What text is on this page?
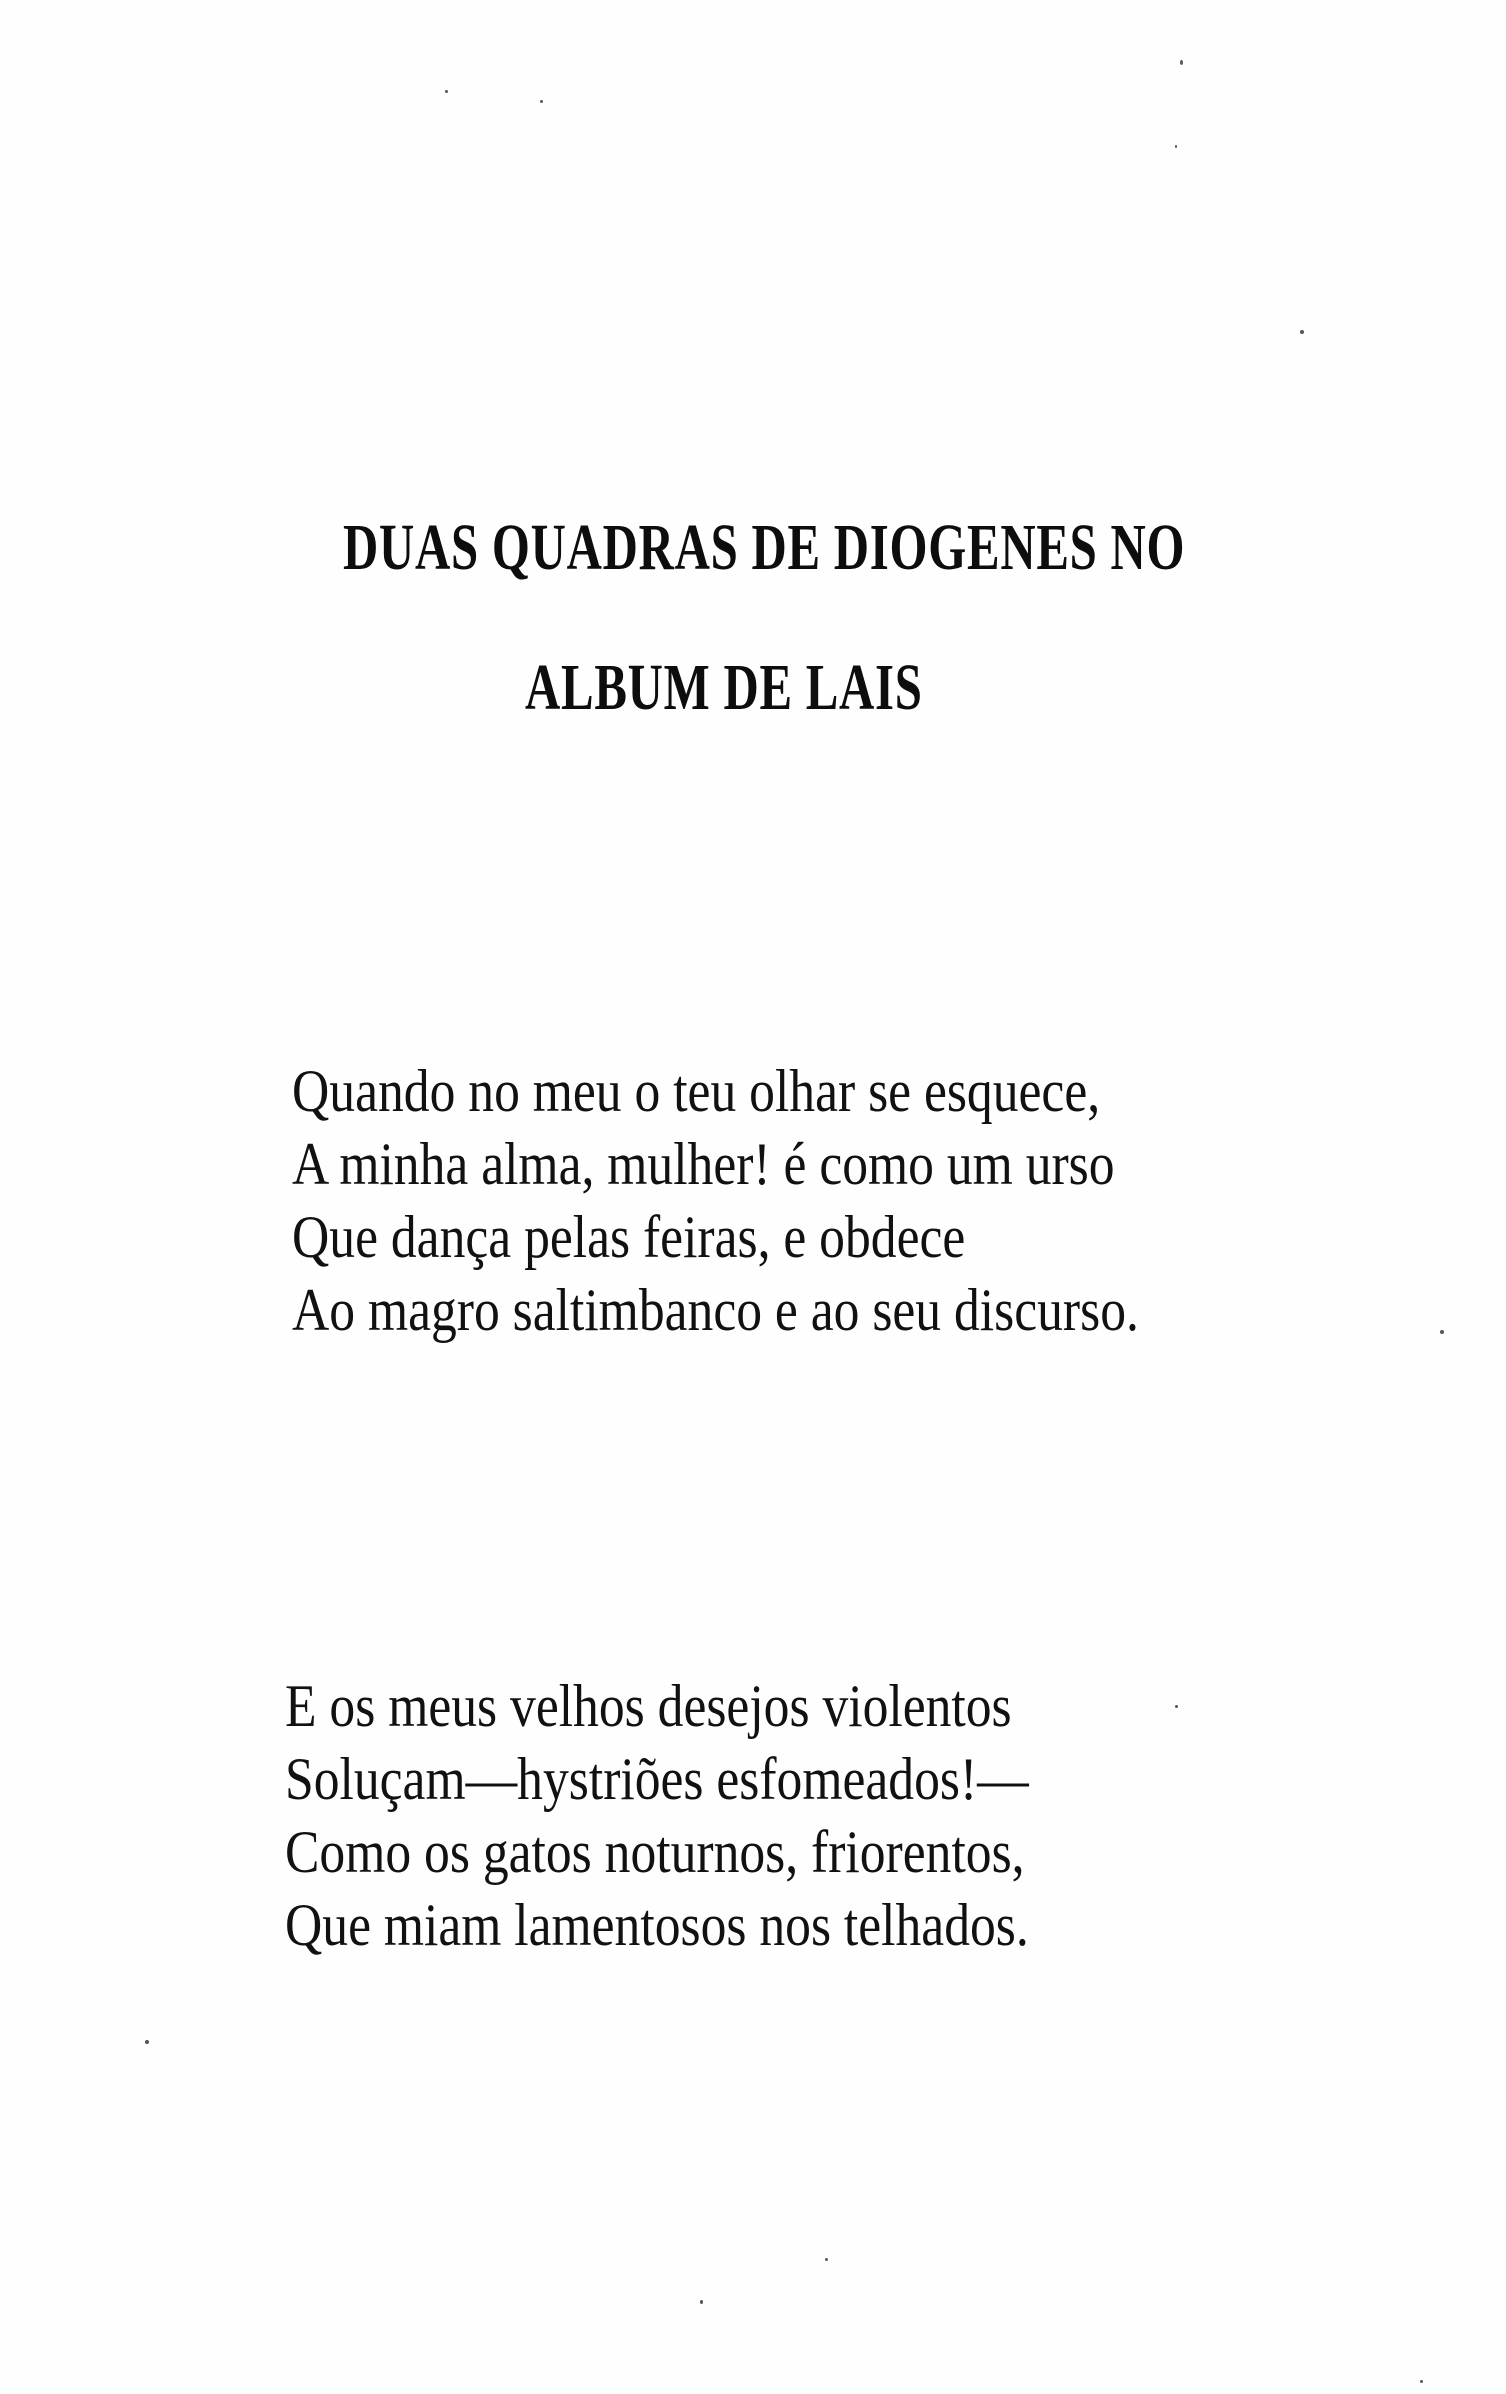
DUAS QUADRAS DE DIOGENES NO
ALBUM DE LAIS
Quando no meu o teu olhar se esquece,
A minha alma, mulher! é como um urso
Que dança pelas feiras, e obdece
Ao magro saltimbanco e ao seu discurso.
E os meus velhos desejos violentos
Soluçam—hystriões esfomeados!—
Como os gatos noturnos, friorentos,
Que miam lamentosos nos telhados.
